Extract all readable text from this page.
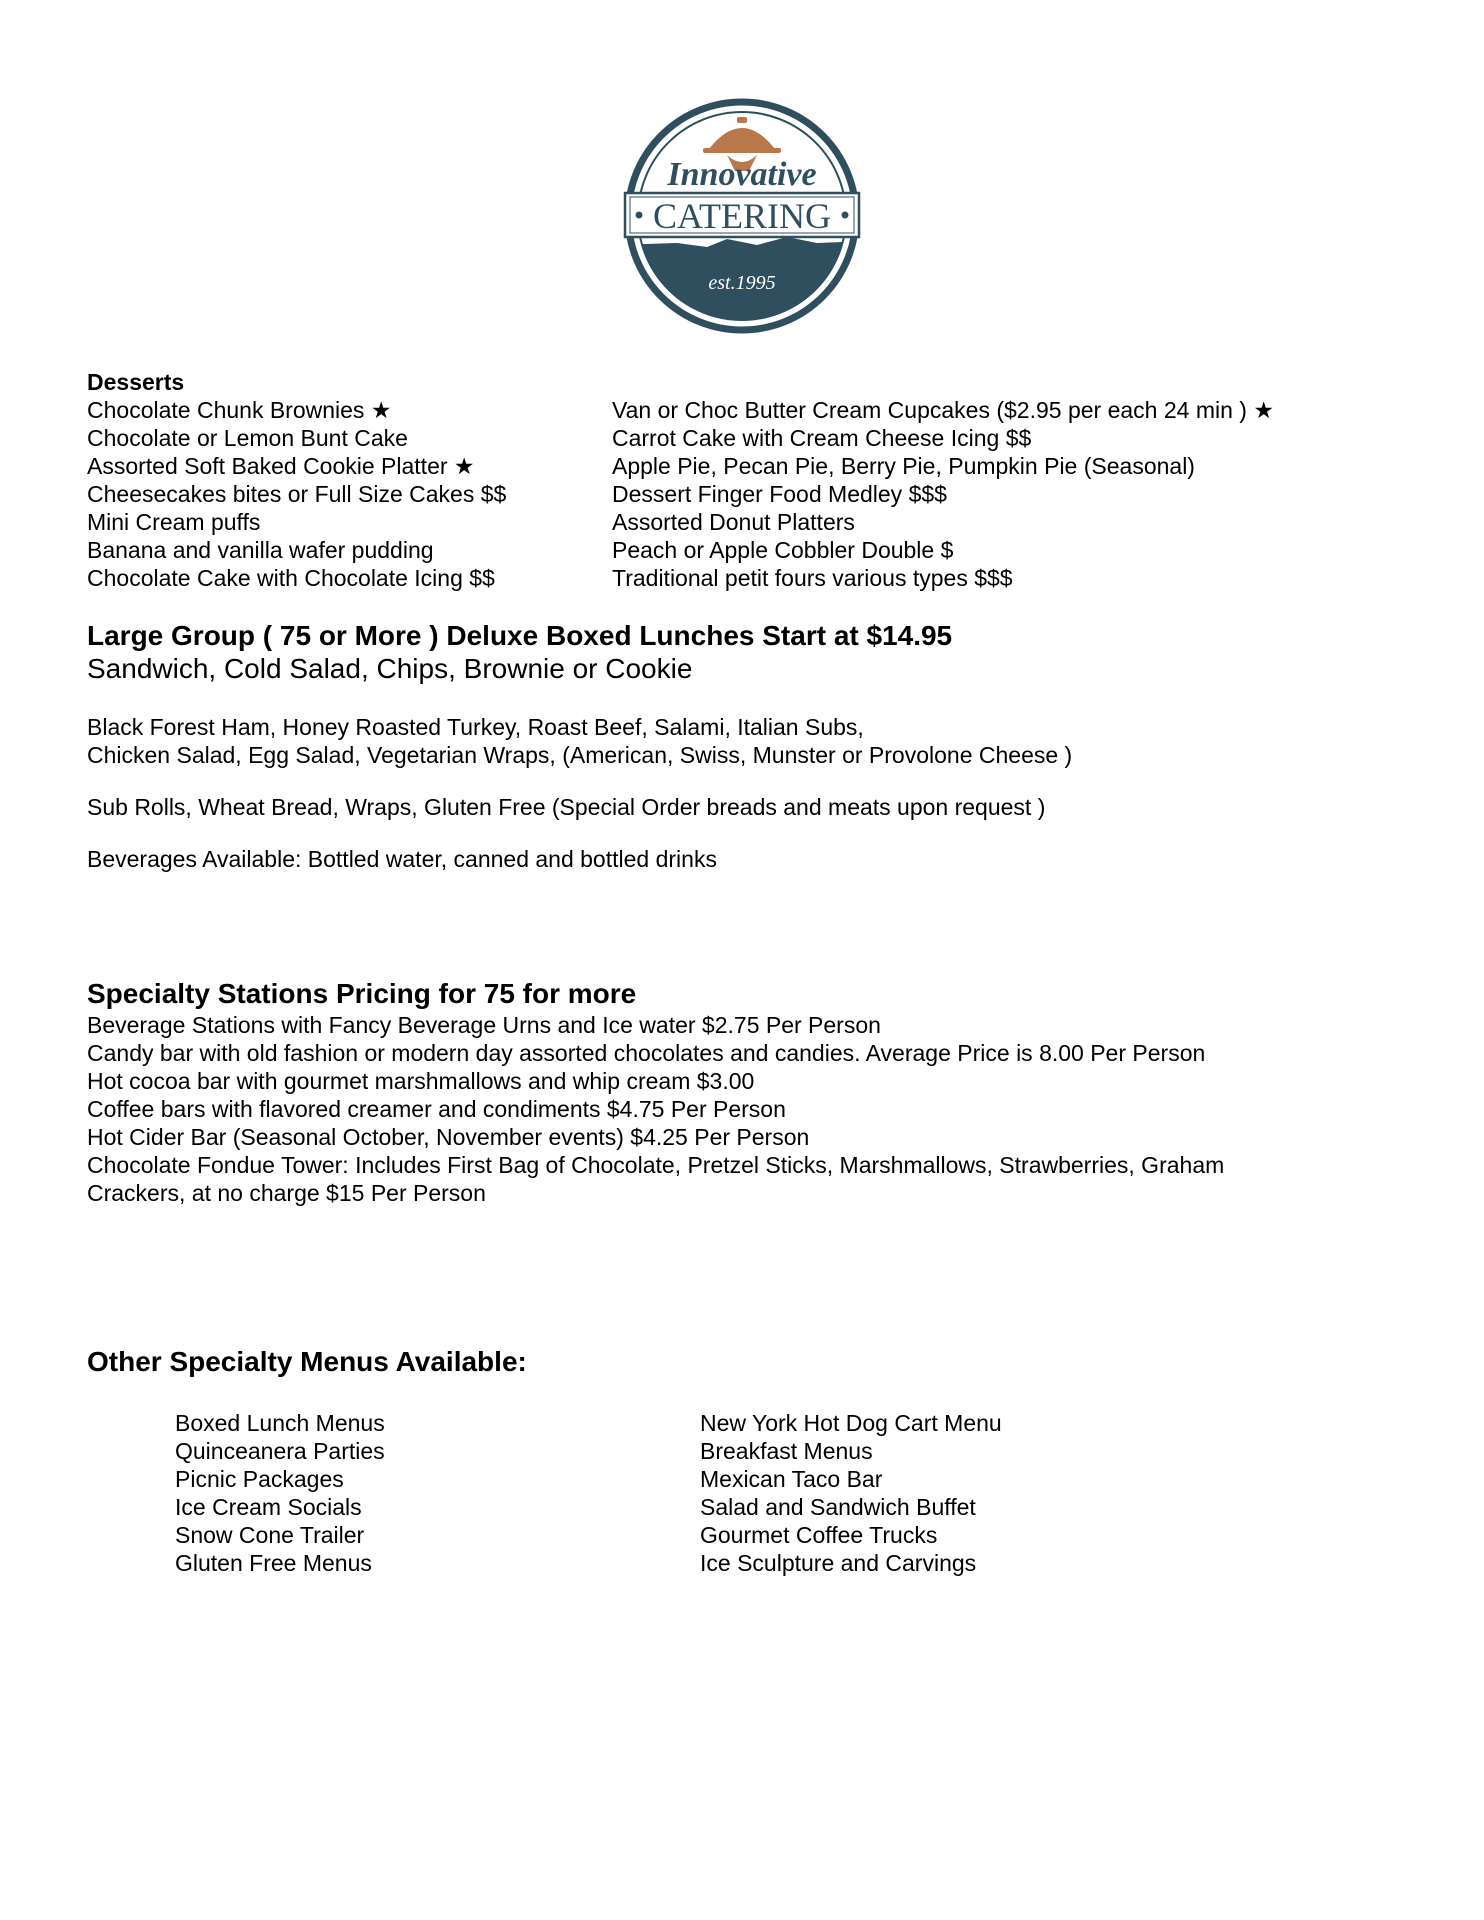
Innovative
CATERING
est.1995
Desserts
Chocolate Chunk Brownies ★
Chocolate or Lemon Bunt Cake
Assorted Soft Baked Cookie Platter ★
Cheesecakes bites or Full Size Cakes $$
Mini Cream puffs
Banana and vanilla wafer pudding
Chocolate Cake with Chocolate Icing $$
Van or Choc Butter Cream Cupcakes ($2.95 per each 24 min ) ★
Carrot Cake with Cream Cheese Icing $$
Apple Pie, Pecan Pie, Berry Pie, Pumpkin Pie (Seasonal)
Dessert Finger Food Medley $$$
Assorted Donut Platters
Peach or Apple Cobbler Double $
Traditional petit fours various types $$$
Large Group ( 75 or More ) Deluxe Boxed Lunches Start at $14.95
Sandwich, Cold Salad, Chips, Brownie or Cookie
Black Forest Ham, Honey Roasted Turkey, Roast Beef, Salami, Italian Subs,
Chicken Salad, Egg Salad, Vegetarian Wraps, (American, Swiss, Munster or Provolone Cheese )
Sub Rolls, Wheat Bread, Wraps, Gluten Free (Special Order breads and meats upon request )
Beverages Available: Bottled water, canned and bottled drinks
Specialty Stations Pricing for 75 for more
Beverage Stations with Fancy Beverage Urns and Ice water $2.75 Per Person
Candy bar with old fashion or modern day assorted chocolates and candies. Average Price is 8.00 Per Person
Hot cocoa bar with gourmet marshmallows and whip cream $3.00
Coffee bars with flavored creamer and condiments $4.75 Per Person
Hot Cider Bar (Seasonal October, November events) $4.25 Per Person
Chocolate Fondue Tower: Includes First Bag of Chocolate, Pretzel Sticks, Marshmallows, Strawberries, Graham Crackers, at no charge $15 Per Person
Other Specialty Menus Available:
Boxed Lunch Menus
Quinceanera Parties
Picnic Packages
Ice Cream Socials
Snow Cone Trailer
Gluten Free Menus
New York Hot Dog Cart Menu
Breakfast Menus
Mexican Taco Bar
Salad and Sandwich Buffet
Gourmet Coffee Trucks
Ice Sculpture and Carvings
